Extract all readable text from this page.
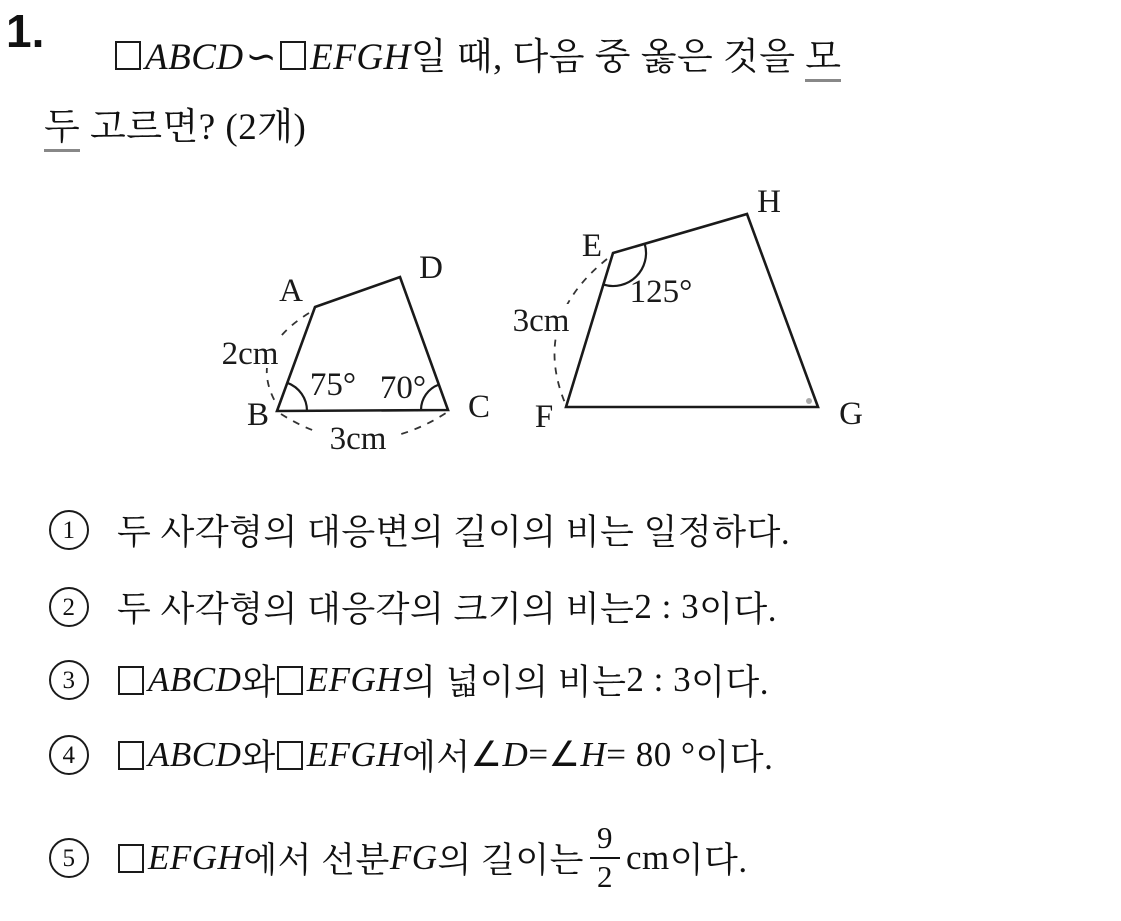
1.
ABCD∽ EFGH일 때, 다음 중 옳은 것을 모
두 고르면? (2개)
A
D
B	C
E
H
F	G
2cm
3cm
3cm
75° 70°
125°
1	두 사각형의 대응변의 길이의 비는 일정하다.
2	두 사각형의 대응각의 크기의 비는 2 : 3 이다.
3	ABCD 와 EFGH 의 넓이의 비는 2 : 3 이다.
4	ABCD 와 EFGH 에서 ∠ D = ∠ H = 80 ° 이다.
5	EFGH 에서 선분 FG 의 길이는 $\frac{9}{2}$ cm 이다.
